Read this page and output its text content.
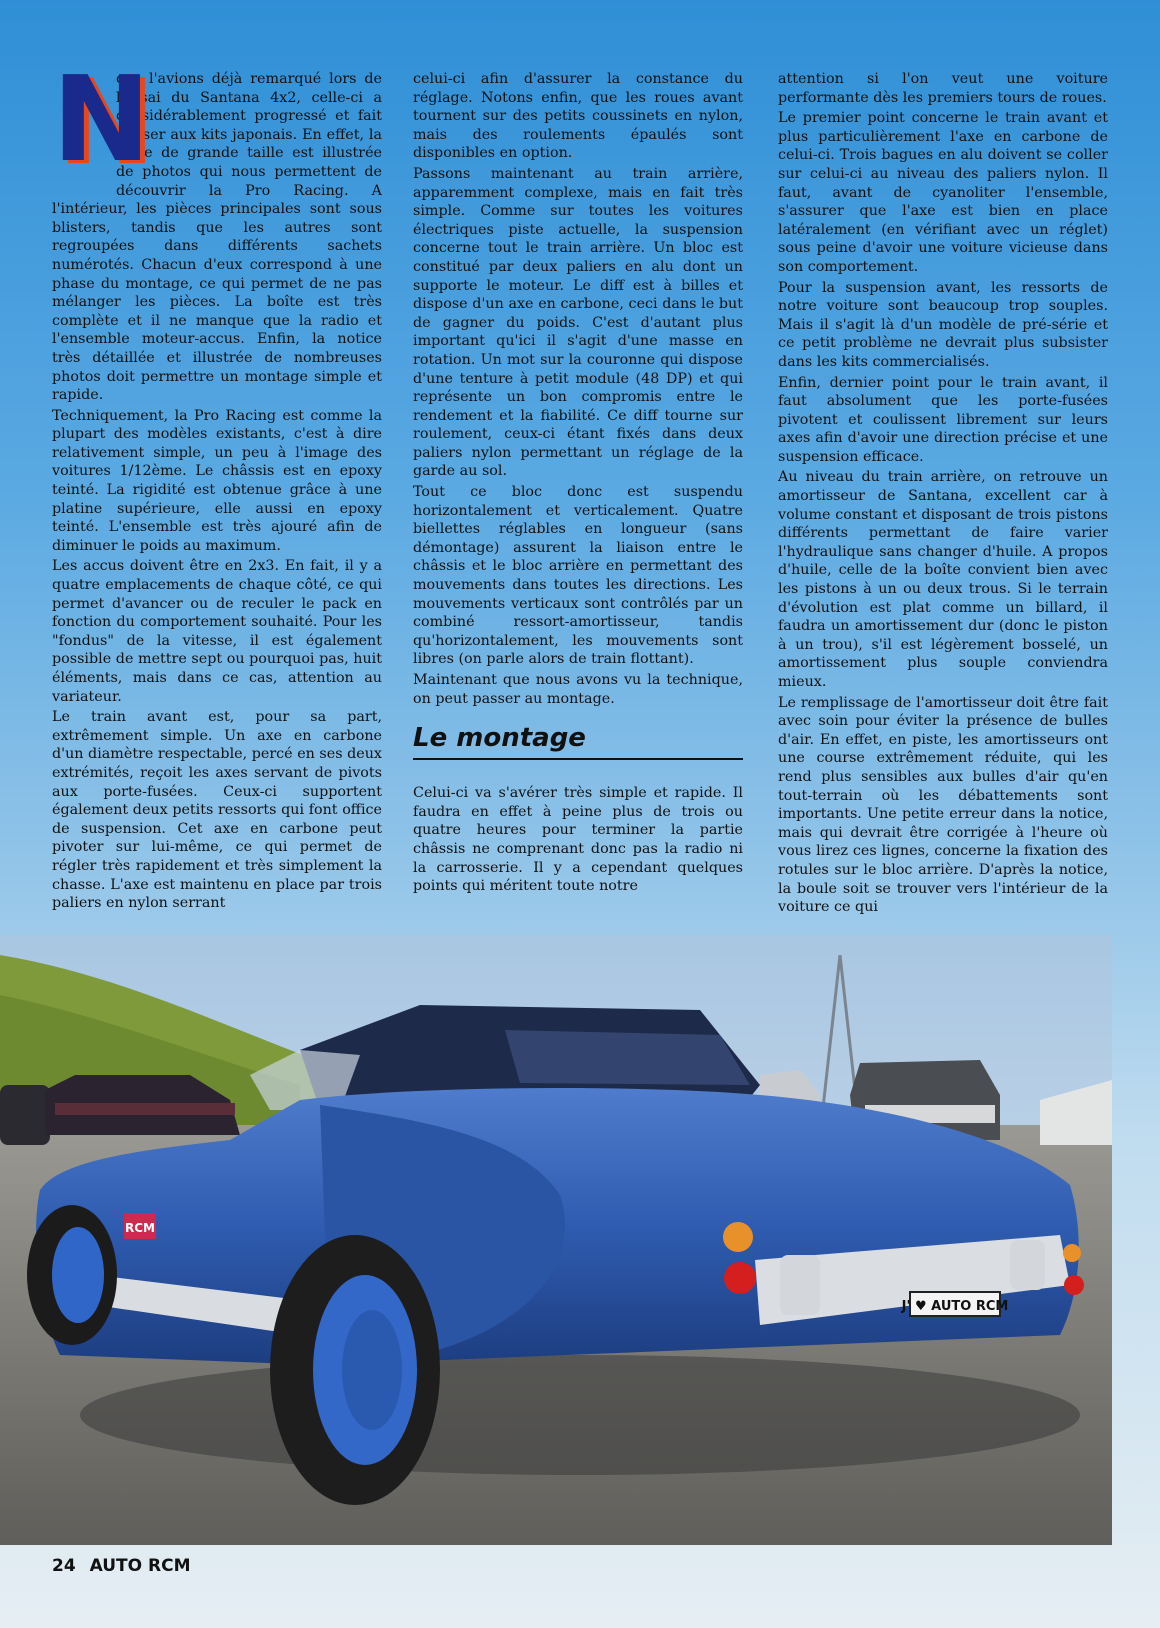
N

ous l'avions déjà remarqué lors de l'essai du Santana 4x2, celle-ci a considérablement progressé et fait penser aux kits japonais. En effet, la boîte de grande taille est illustrée de photos qui nous permettent de découvrir la Pro Racing. A l'intérieur, les pièces principales sont sous blisters, tandis que les autres sont regroupées dans différents sachets numérotés. Chacun d'eux correspond à une phase du montage, ce qui permet de ne pas mélanger les pièces. La boîte est très complète et il ne manque que la radio et l'ensemble moteur-accus. Enfin, la notice très détaillée et illustrée de nombreuses photos doit permettre un montage simple et rapide.

Techniquement, la Pro Racing est comme la plupart des modèles existants, c'est à dire relativement simple, un peu à l'image des voitures 1/12ème. Le châssis est en epoxy teinté. La rigidité est obtenue grâce à une platine supérieure, elle aussi en epoxy teinté. L'ensemble est très ajouré afin de diminuer le poids au maximum.

Les accus doivent être en 2x3. En fait, il y a quatre emplacements de chaque côté, ce qui permet d'avancer ou de reculer le pack en fonction du comportement souhaité. Pour les "fondus" de la vitesse, il est également possible de mettre sept ou pourquoi pas, huit éléments, mais dans ce cas, attention au variateur.

Le train avant est, pour sa part, extrêmement simple. Un axe en carbone d'un diamètre respectable, percé en ses deux extrémités, reçoit les axes servant de pivots aux porte-fusées. Ceux-ci supportent également deux petits ressorts qui font office de suspension. Cet axe en carbone peut pivoter sur lui-même, ce qui permet de régler très rapidement et très simplement la chasse. L'axe est maintenu en place par trois paliers en nylon serrant

celui-ci afin d'assurer la constance du réglage. Notons enfin, que les roues avant tournent sur des petits coussinets en nylon, mais des roulements épaulés sont disponibles en option.

Passons maintenant au train arrière, apparemment complexe, mais en fait très simple. Comme sur toutes les voitures électriques piste actuelle, la suspension concerne tout le train arrière. Un bloc est constitué par deux paliers en alu dont un supporte le moteur. Le diff est à billes et dispose d'un axe en carbone, ceci dans le but de gagner du poids. C'est d'autant plus important qu'ici il s'agit d'une masse en rotation. Un mot sur la couronne qui dispose d'une tenture à petit module (48 DP) et qui représente un bon compromis entre le rendement et la fiabilité. Ce diff tourne sur roulement, ceux-ci étant fixés dans deux paliers nylon permettant un réglage de la garde au sol.

Tout ce bloc donc est suspendu horizontalement et verticalement. Quatre biellettes réglables en longueur (sans démontage) assurent la liaison entre le châssis et le bloc arrière en permettant des mouvements dans toutes les directions. Les mouvements verticaux sont contrôlés par un combiné ressort-amortisseur, tandis qu'horizontalement, les mouvements sont libres (on parle alors de train flottant).

Maintenant que nous avons vu la technique, on peut passer au montage.

Le montage

Celui-ci va s'avérer très simple et rapide. Il faudra en effet à peine plus de trois ou quatre heures pour terminer la partie châssis ne comprenant donc pas la radio ni la carrosserie. Il y a cependant quelques points qui méritent toute notre

attention si l'on veut une voiture performante dès les premiers tours de roues.

Le premier point concerne le train avant et plus particulièrement l'axe en carbone de celui-ci. Trois bagues en alu doivent se coller sur celui-ci au niveau des paliers nylon. Il faut, avant de cyanoliter l'ensemble, s'assurer que l'axe est bien en place latéralement (en vérifiant avec un réglet) sous peine d'avoir une voiture vicieuse dans son comportement.

Pour la suspension avant, les ressorts de notre voiture sont beaucoup trop souples. Mais il s'agit là d'un modèle de pré-série et ce petit problème ne devrait plus subsister dans les kits commercialisés.

Enfin, dernier point pour le train avant, il faut absolument que les porte-fusées pivotent et coulissent librement sur leurs axes afin d'avoir une direction précise et une suspension efficace.

Au niveau du train arrière, on retrouve un amortisseur de Santana, excellent car à volume constant et disposant de trois pistons différents permettant de faire varier l'hydraulique sans changer d'huile. A propos d'huile, celle de la boîte convient bien avec les pistons à un ou deux trous. Si le terrain d'évolution est plat comme un billard, il faudra un amortissement dur (donc le piston à un trou), s'il est légèrement bosselé, un amortissement plus souple conviendra mieux.

Le remplissage de l'amortisseur doit être fait avec soin pour éviter la présence de bulles d'air. En effet, en piste, les amortisseurs ont une course extrêmement réduite, qui les rend plus sensibles aux bulles d'air qu'en tout-terrain où les débattements sont importants. Une petite erreur dans la notice, mais qui devrait être corrigée à l'heure où vous lirez ces lignes, concerne la fixation des rotules sur le bloc arrière. D'après la notice, la boule soit se trouver vers l'intérieur de la voiture ce qui

J' ♥ AUTO RCM
RCM
24 AUTO RCM
